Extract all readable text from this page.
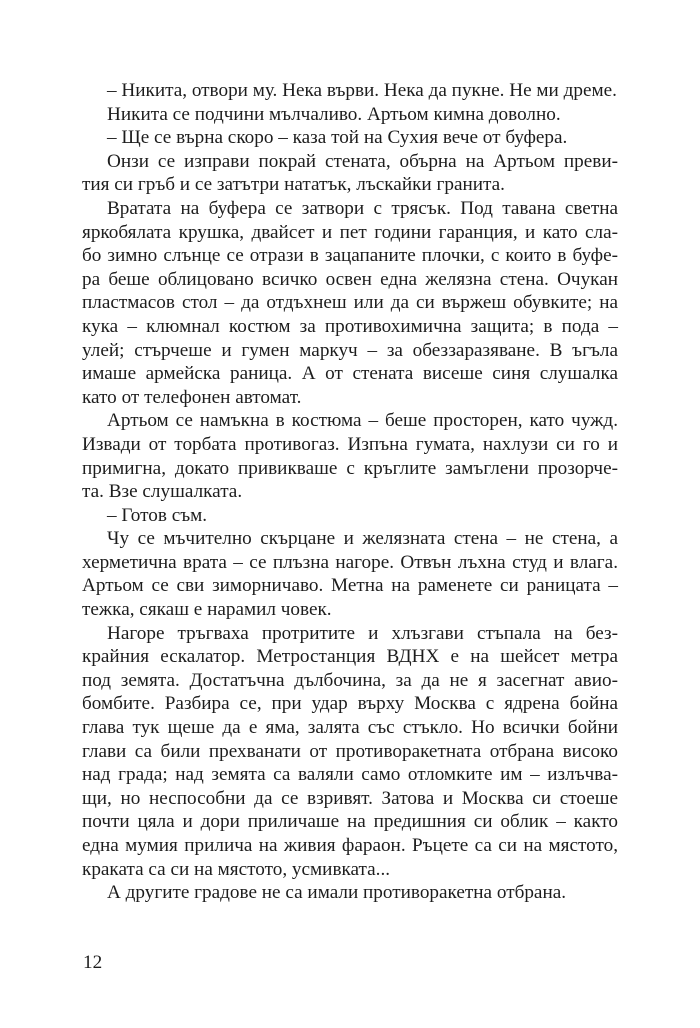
– Никита, отвори му. Нека върви. Нека да пукне. Не ми дреме.
Никита се подчини мълчаливо. Артьом кимна доволно.
– Ще се върна скоро – каза той на Сухия вече от буфера.
Онзи се изправи покрай стената, обърна на Артьом преви-
тия си гръб и се затътри нататък, лъскайки гранита.
Вратата на буфера се затвори с трясък. Под тавана светна
яркобялата крушка, двайсет и пет години гаранция, и като сла-
бо зимно слънце се отрази в зацапаните плочки, с които в буфе-
ра беше облицовано всичко освен една желязна стена. Очукан
пластмасов стол – да отдъхнеш или да си вържеш обувките; на
кука – клюмнал костюм за противохимична защита; в пода –
улей; стърчеше и гумен маркуч – за обеззаразяване. В ъгъла
имаше армейска раница. А от стената висеше синя слушалка
като от телефонен автомат.
Артьом се намъкна в костюма – беше просторен, като чужд.
Извади от торбата противогаз. Изпъна гумата, нахлузи си го и
примигна, докато привикваше с кръглите замъглени прозорче-
та. Взе слушалката.
– Готов съм.
Чу се мъчително скърцане и желязната стена – не стена, а
херметична врата – се плъзна нагоре. Отвън лъхна студ и влага.
Артьом се сви зиморничаво. Метна на раменете си раницата –
тежка, сякаш е нарамил човек.
Нагоре тръгваха протритите и хлъзгави стъпала на без-
крайния ескалатор. Метростанция ВДНХ е на шейсет метра
под земята. Достатъчна дълбочина, за да не я засегнат авио-
бомбите. Разбира се, при удар върху Москва с ядрена бойна
глава тук щеше да е яма, залята със стъкло. Но всички бойни
глави са били прехванати от противоракетната отбрана високо
над града; над земята са валяли само отломките им – излъчва-
щи, но неспособни да се взривят. Затова и Москва си стоеше
почти цяла и дори приличаше на предишния си облик – както
една мумия прилича на живия фараон. Ръцете са си на мястото,
краката са си на мястото, усмивката...
А другите градове не са имали противоракетна отбрана.
12
